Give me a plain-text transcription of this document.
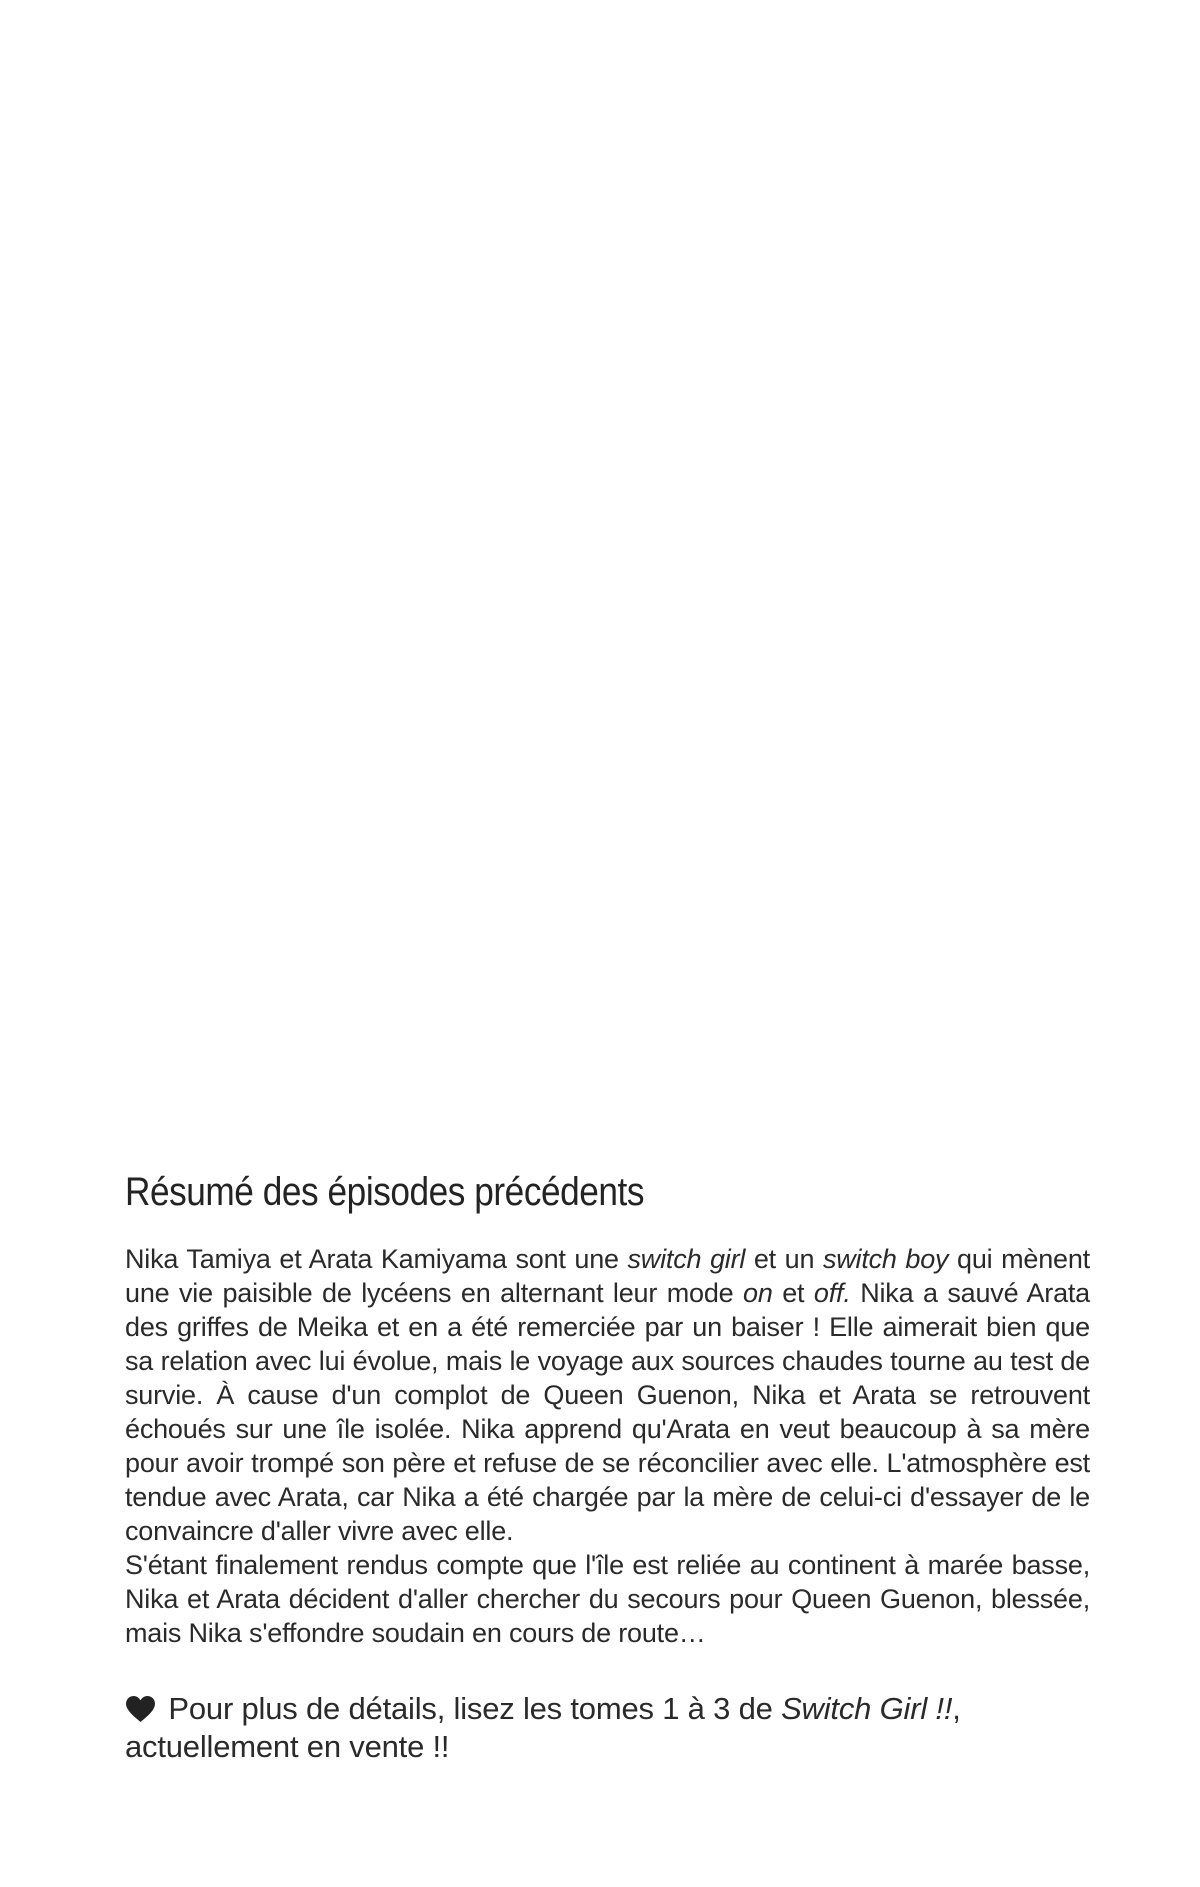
Résumé des épisodes précédents

Nika Tamiya et Arata Kamiyama sont une switch girl et un switch boy qui mènent une vie paisible de lycéens en alternant leur mode on et off. Nika a sauvé Arata des griffes de Meika et en a été remerciée par un baiser ! Elle aimerait bien que sa relation avec lui évolue, mais le voyage aux sources chaudes tourne au test de survie. À cause d'un complot de Queen Guenon, Nika et Arata se retrouvent échoués sur une île isolée. Nika apprend qu'Arata en veut beaucoup à sa mère pour avoir trompé son père et refuse de se réconcilier avec elle. L'atmosphère est tendue avec Arata, car Nika a été chargée par la mère de celui-ci d'essayer de le convaincre d'aller vivre avec elle.
S'étant finalement rendus compte que l'île est reliée au continent à marée basse, Nika et Arata décident d'aller chercher du secours pour Queen Guenon, blessée, mais Nika s'effondre soudain en cours de route…

Pour plus de détails, lisez les tomes 1 à 3 de Switch Girl !!,
actuellement en vente !!
